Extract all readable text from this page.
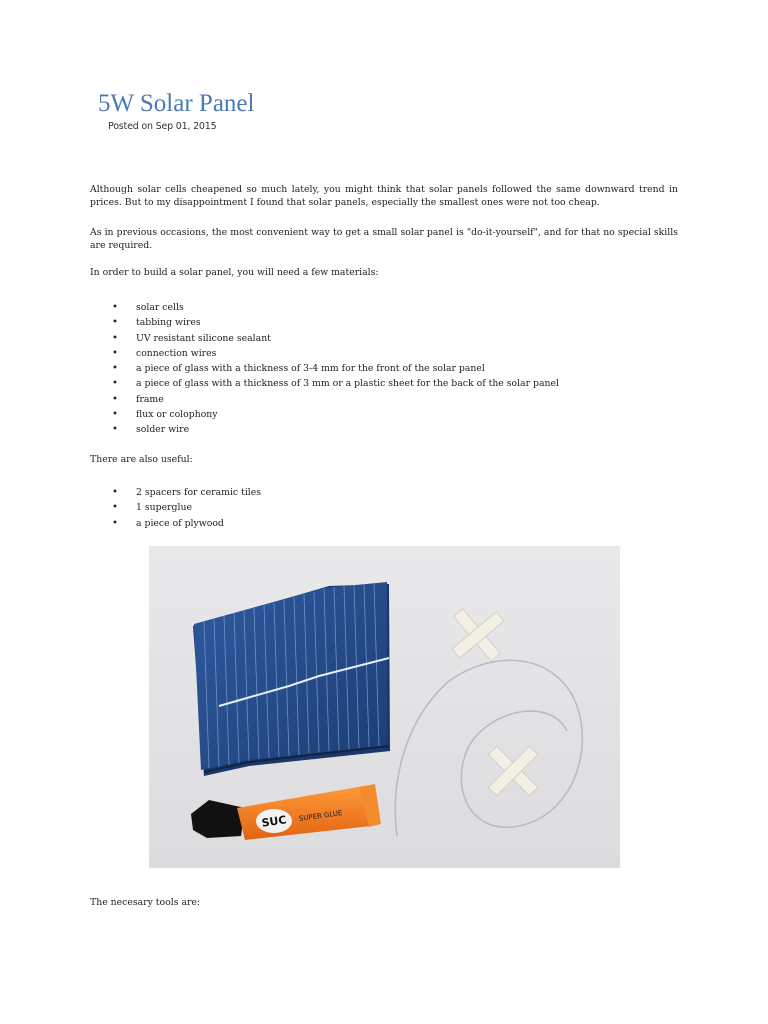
5W Solar Panel
Posted on Sep 01, 2015

Although solar cells cheapened so much lately, you might think that solar panels followed the same downward trend in prices. But to my disappointment I found that solar panels, especially the smallest ones were not too cheap.

As in previous occasions, the most convenient way to get a small solar panel is "do-it-yourself", and for that no special skills are required.

In order to build a solar panel, you will need a few materials:

• solar cells
• tabbing wires
• UV resistant silicone sealant
• connection wires
• a piece of glass with a thickness of 3-4 mm for the front of the solar panel
• a piece of glass with a thickness of 3 mm or a plastic sheet for the back of the solar panel
• frame
• flux or colophony
• solder wire

There are also useful:

• 2 spacers for ceramic tiles
• 1 superglue
• a piece of plywood
SUC SUPER GLUE

The necesary tools are:
